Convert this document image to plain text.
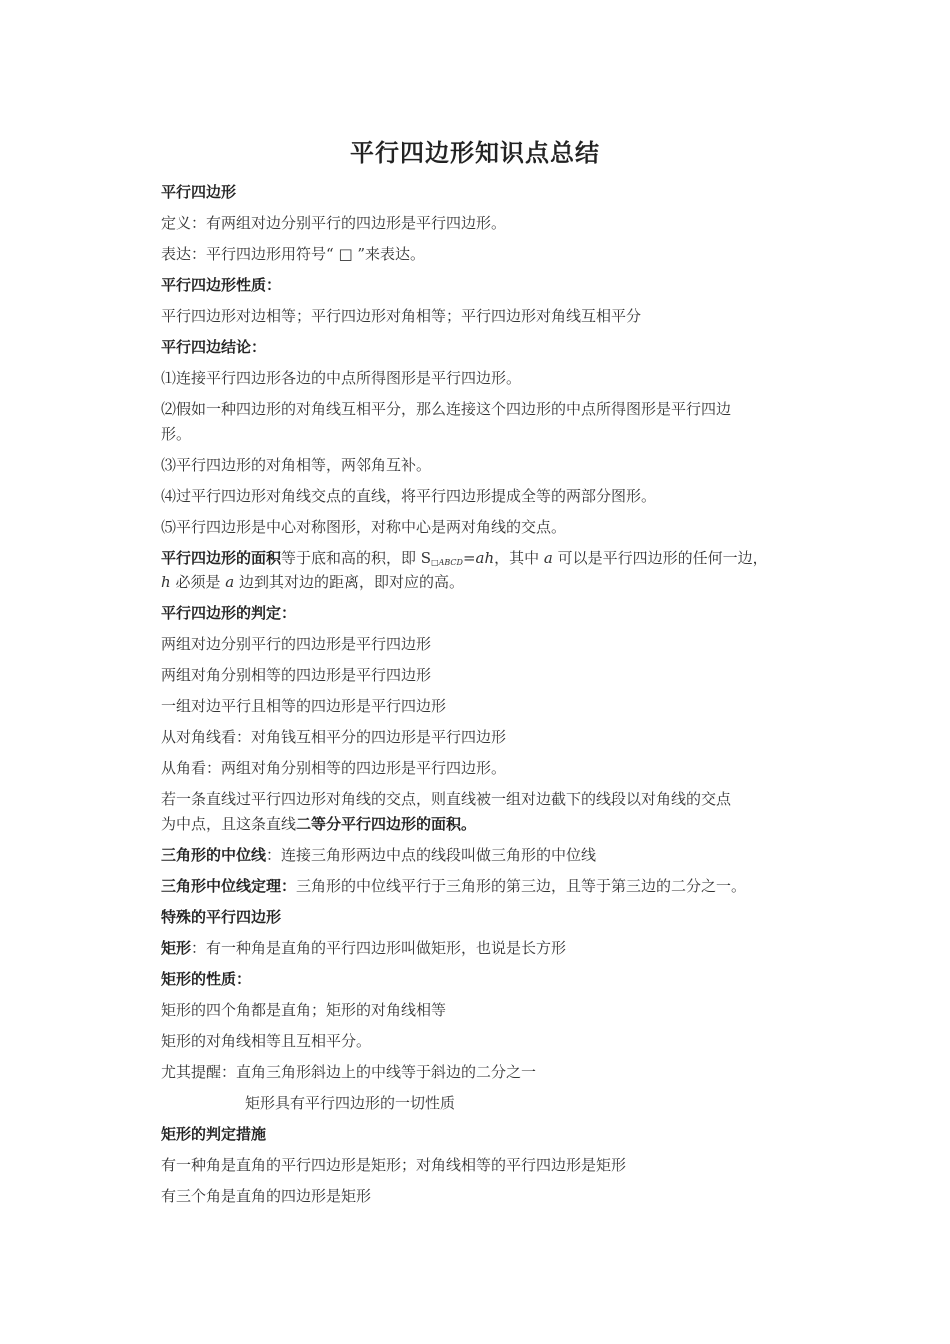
平行四边形知识点总结
平行四边形
定义：有两组对边分别平行的四边形是平行四边形。
表达：平行四边形用符号“ □ ”来表达。
平行四边形性质：
平行四边形对边相等；平行四边形对角相等；平行四边形对角线互相平分
平行四边结论：
⑴连接平行四边形各边的中点所得图形是平行四边形。
⑵假如一种四边形的对角线互相平分，那么连接这个四边形的中点所得图形是平行四边
形。
⑶平行四边形的对角相等，两邻角互补。
⑷过平行四边形对角线交点的直线，将平行四边形提成全等的两部分图形。
⑸平行四边形是中心对称图形，对称中心是两对角线的交点。
平行四边形的面积等于底和高的积，即 $S_{□ABCD}=ah$，其中 a 可以是平行四边形的任何一边，
h 必须是 a 边到其对边的距离，即对应的高。
平行四边形的判定：
两组对边分别平行的四边形是平行四边形
两组对角分别相等的四边形是平行四边形
一组对边平行且相等的四边形是平行四边形
从对角线看：对角钱互相平分的四边形是平行四边形
从角看：两组对角分别相等的四边形是平行四边形。
若一条直线过平行四边形对角线的交点，则直线被一组对边截下的线段以对角线的交点
为中点，且这条直线二等分平行四边形的面积。
三角形的中位线：连接三角形两边中点的线段叫做三角形的中位线
三角形中位线定理：三角形的中位线平行于三角形的第三边，且等于第三边的二分之一。
特殊的平行四边形
矩形：有一种角是直角的平行四边形叫做矩形，也说是长方形
矩形的性质：
矩形的四个角都是直角；矩形的对角线相等
矩形的对角线相等且互相平分。
尤其提醒：直角三角形斜边上的中线等于斜边的二分之一
矩形具有平行四边形的一切性质
矩形的判定措施
有一种角是直角的平行四边形是矩形；对角线相等的平行四边形是矩形
有三个角是直角的四边形是矩形
